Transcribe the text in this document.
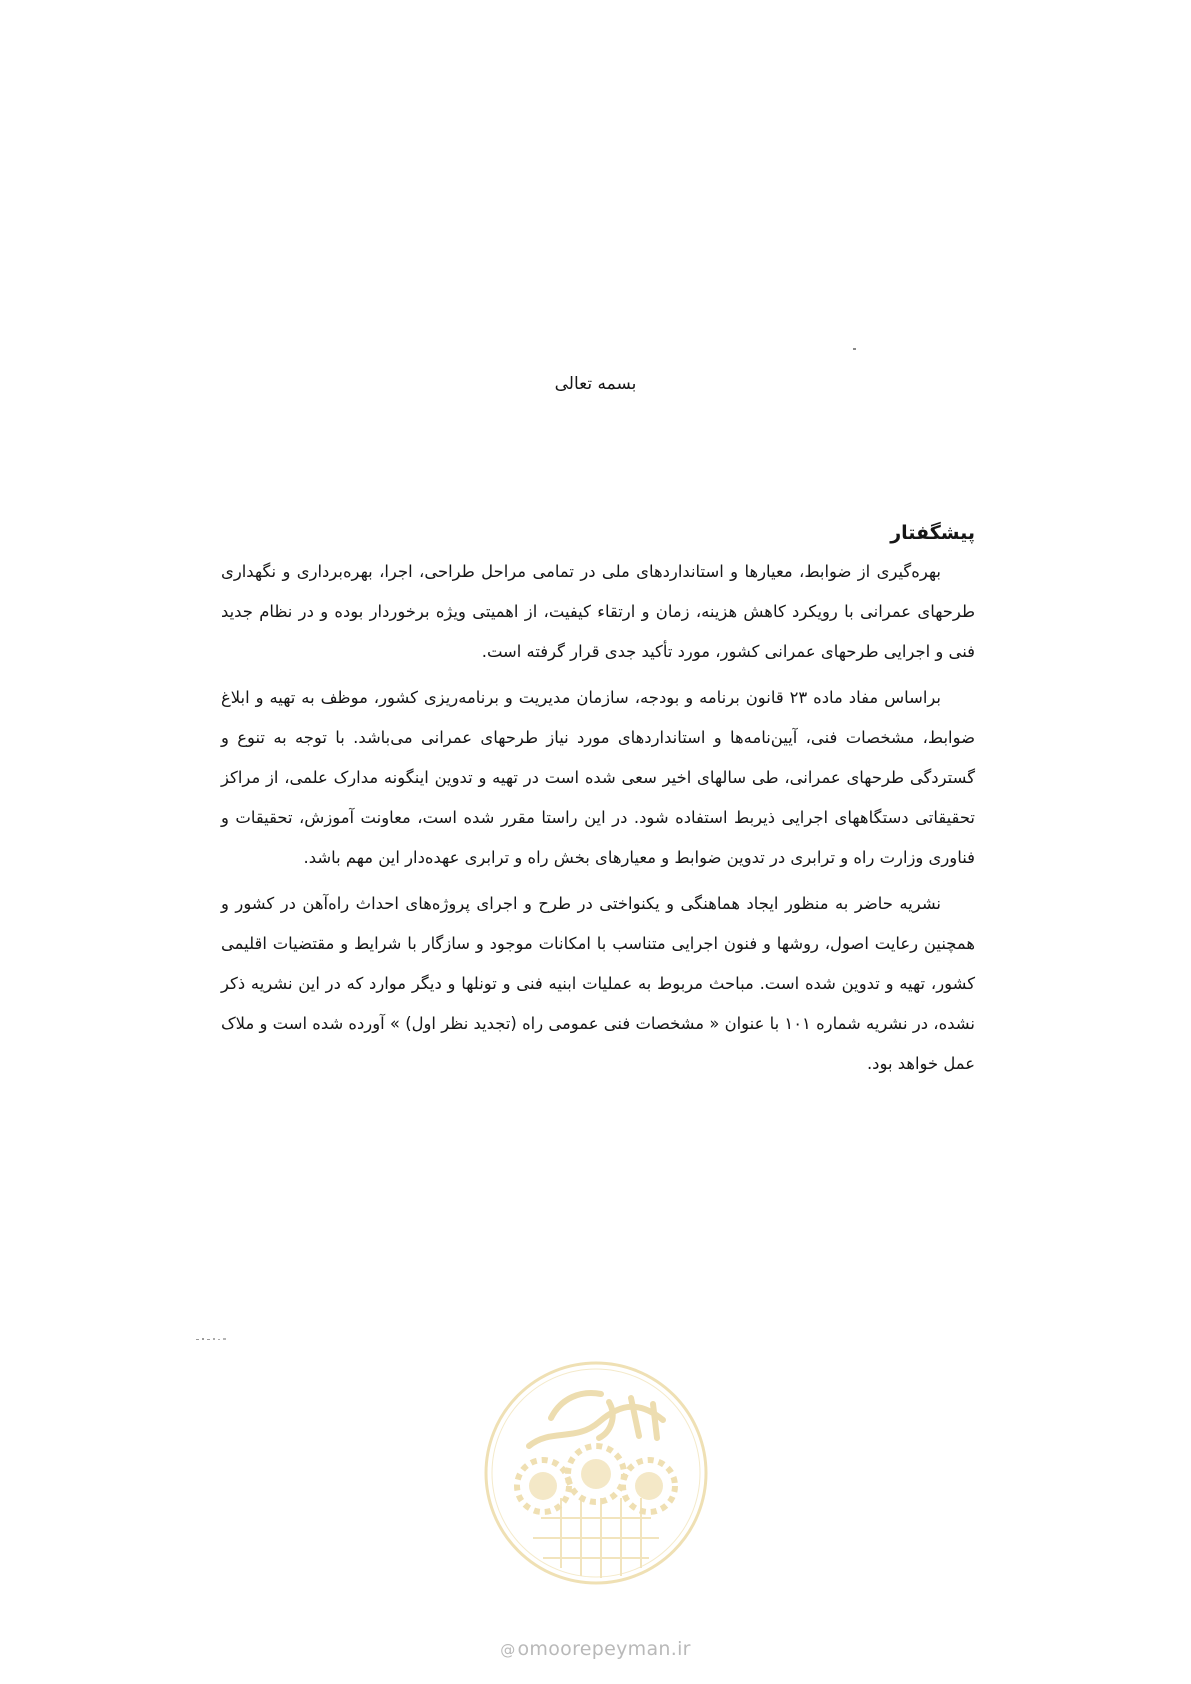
بسمه تعالی
پیشگفتار

بهره‌گیری از ضوابط، معیارها و استانداردهای ملی در تمامی مراحل طراحی، اجرا، بهره‌برداری و نگهداری طرحهای عمرانی با رویکرد کاهش هزینه، زمان و ارتقاء کیفیت، از اهمیتی ویژه برخوردار بوده و در نظام جدید فنی و اجرایی طرحهای عمرانی کشور، مورد تأکید جدی قرار گرفته است.

براساس مفاد ماده ۲۳ قانون برنامه و بودجه، سازمان مدیریت و برنامه‌ریزی کشور، موظف به تهیه و ابلاغ ضوابط، مشخصات فنی، آیین‌نامه‌ها و استانداردهای مورد نیاز طرحهای عمرانی می‌باشد. با توجه به تنوع و گستردگی طرحهای عمرانی، طی سالهای اخیر سعی شده است در تهیه و تدوین اینگونه مدارک علمی، از مراکز تحقیقاتی دستگاههای اجرایی ذیربط استفاده شود. در این راستا مقرر شده است، معاونت آموزش، تحقیقات و فناوری وزارت راه و ترابری در تدوین ضوابط و معیارهای بخش راه و ترابری عهده‌دار این مهم باشد.

نشریه حاضر به منظور ایجاد هماهنگی و یکنواختی در طرح و اجرای پروژه‌های احداث راه‌آهن در کشور و همچنین رعایت اصول، روشها و فنون اجرایی متناسب با امکانات موجود و سازگار با شرایط و مقتضیات اقلیمی کشور، تهیه و تدوین شده است. مباحث مربوط به عملیات ابنیه فنی و تونلها و دیگر موارد که در این نشریه ذکر نشده، در نشریه شماره ۱۰۱ با عنوان « مشخصات فنی عمومی راه (تجدید نظر اول) » آورده شده است و ملاک عمل خواهد بود.

@ omoorepeyman.ir
